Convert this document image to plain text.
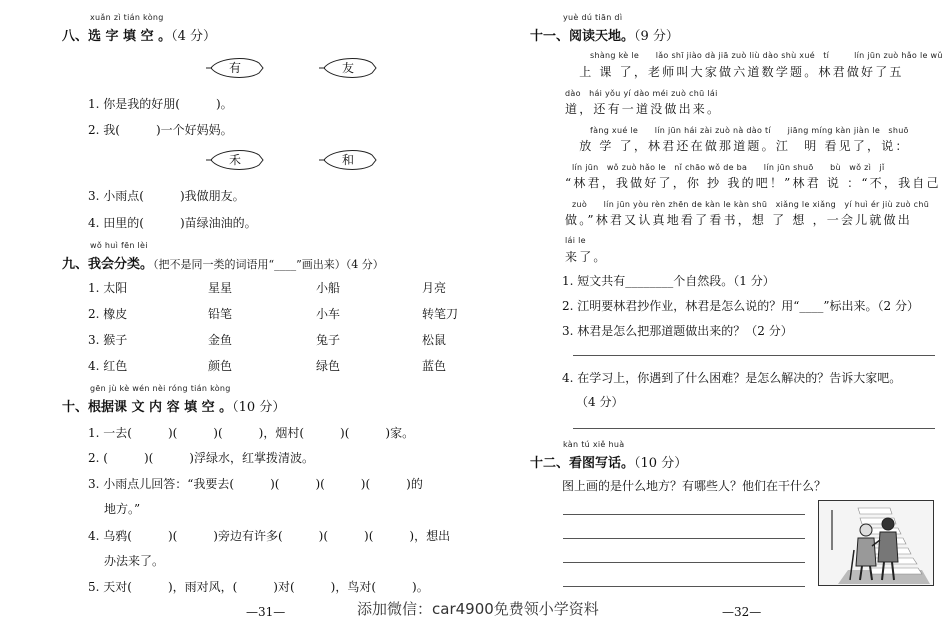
xuǎn zì tián kòng
八、选 字 填 空 。（4 分）
有	友
1. 你是我的好朋(　　　)。
2. 我(　　　)一个好妈妈。
禾	和
3. 小雨点(　　　)我做朋友。
4. 田里的(　　　)苗绿油油的。
wǒ huì fēn lèi
九、我会分类。（把不是同一类的词语用“____”画出来）（4 分）
1. 太阳	星星	小船	月亮
2. 橡皮	铅笔	小车	转笔刀
3. 猴子	金鱼	兔子	松鼠
4. 红色	颜色	绿色	蓝色
gēn jù kè wén nèi róng tián kòng
十、根据课 文 内 容 填 空 。（10 分）
1. 一去(　　　)(　　　)(　　　)，烟村(　　　)(　　　)家。
2. (　　　)(　　　)浮绿水，红掌拨清波。
3. 小雨点儿回答：“我要去(　　　)(　　　)(　　　)(　　　)的
地方。”
4. 乌鸦(　　　)(　　　)旁边有许多(　　　)(　　　)(　　　)，想出
办法来了。
5. 天对(　　　)，雨对风，(　　　)对(　　　)，鸟对(　　　)。
—31—
yuè dú tiān dì
十一、阅读天地。（9 分）
shàng kè le　　lǎo shī jiào dà jiā zuò liù dào shù xué　tí　　　lín jūn zuò hǎo le wǔ
　上 课 了，老师叫大家做六道数学题。林君做好了五
dào　hái yǒu yí dào méi zuò chū lái
道，还有一道没做出来。
fàng xué le　　lín jūn hái zài zuò nà dào tí　　jiāng míng kàn jiàn le　shuō
　放 学 了，林君还在做那道题。江　明 看见了，说：
lín jūn　wǒ zuò hǎo le　nǐ chāo wǒ de ba　　lín jūn shuō　　bù　wǒ zì　jǐ
“林君，我做好了，你 抄 我的吧！”林君 说 ：“不，我自己
zuò　　lín jūn yòu rèn zhēn de kàn le kàn shū　xiǎng le xiǎng　yí huì ér jiù zuò chū
做。”林君又认真地看了看书，想 了 想 ，一会儿就做出
lái le
来了。
1. 短文共有________个自然段。（1 分）
2. 江明要林君抄作业，林君是怎么说的？用“____”标出来。（2 分）
3. 林君是怎么把那道题做出来的？（2 分）
4. 在学习上，你遇到了什么困难？是怎么解决的？告诉大家吧。
（4 分）
kàn tú xiě huà
十二、看图写话。（10 分）
图上画的是什么地方？有哪些人？他们在干什么？
—32—
添加微信：car4900免费领小学资料
